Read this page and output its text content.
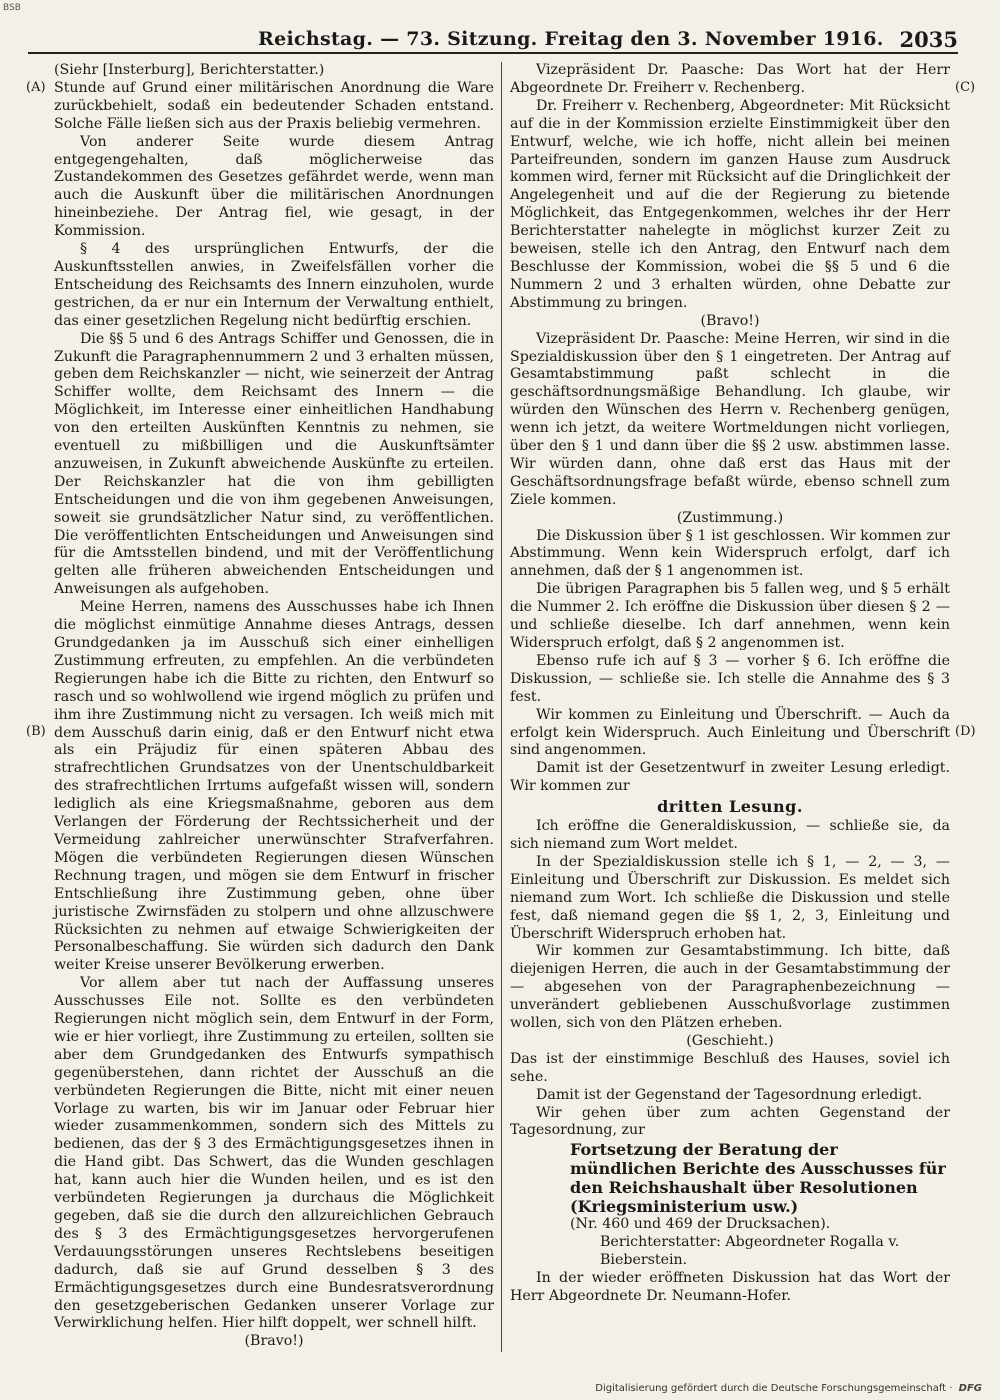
BSB
Reichstag. — 73. Sitzung. Freitag den 3. November 1916. 2035
(A)
(B)
(C)
(D)

(Siehr [Insterburg], Berichterstatter.)

Stunde auf Grund einer militärischen Anordnung die Ware zurückbehielt, sodaß ein bedeutender Schaden entstand. Solche Fälle ließen sich aus der Praxis beliebig vermehren.

Von anderer Seite wurde diesem Antrag entgegengehalten, daß möglicherweise das Zustandekommen des Gesetzes gefährdet werde, wenn man auch die Auskunft über die militärischen Anordnungen hineinbeziehe. Der Antrag fiel, wie gesagt, in der Kommission.

§ 4 des ursprünglichen Entwurfs, der die Auskunftsstellen anwies, in Zweifelsfällen vorher die Entscheidung des Reichsamts des Innern einzuholen, wurde gestrichen, da er nur ein Internum der Verwaltung enthielt, das einer gesetzlichen Regelung nicht bedürftig erschien.

Die §§ 5 und 6 des Antrags Schiffer und Genossen, die in Zukunft die Paragraphennummern 2 und 3 erhalten müssen, geben dem Reichskanzler — nicht, wie seinerzeit der Antrag Schiffer wollte, dem Reichsamt des Innern — die Möglichkeit, im Interesse einer einheitlichen Handhabung von den erteilten Auskünften Kenntnis zu nehmen, sie eventuell zu mißbilligen und die Auskunftsämter anzuweisen, in Zukunft abweichende Auskünfte zu erteilen. Der Reichskanzler hat die von ihm gebilligten Entscheidungen und die von ihm gegebenen Anweisungen, soweit sie grundsätzlicher Natur sind, zu veröffentlichen. Die veröffentlichten Entscheidungen und Anweisungen sind für die Amtsstellen bindend, und mit der Veröffentlichung gelten alle früheren abweichenden Entscheidungen und Anweisungen als aufgehoben.

Meine Herren, namens des Ausschusses habe ich Ihnen die möglichst einmütige Annahme dieses Antrags, dessen Grundgedanken ja im Ausschuß sich einer einhelligen Zustimmung erfreuten, zu empfehlen. An die verbündeten Regierungen habe ich die Bitte zu richten, den Entwurf so rasch und so wohlwollend wie irgend möglich zu prüfen und ihm ihre Zustimmung nicht zu versagen. Ich weiß mich mit dem Ausschuß darin einig, daß er den Entwurf nicht etwa als ein Präjudiz für einen späteren Abbau des strafrechtlichen Grundsatzes von der Unentschuldbarkeit des strafrechtlichen Irrtums aufgefaßt wissen will, sondern lediglich als eine Kriegsmaßnahme, geboren aus dem Verlangen der Förderung der Rechtssicherheit und der Vermeidung zahlreicher unerwünschter Strafverfahren. Mögen die verbündeten Regierungen diesen Wünschen Rechnung tragen, und mögen sie dem Entwurf in frischer Entschließung ihre Zustimmung geben, ohne über juristische Zwirnsfäden zu stolpern und ohne allzuschwere Rücksichten zu nehmen auf etwaige Schwierigkeiten der Personalbeschaffung. Sie würden sich dadurch den Dank weiter Kreise unserer Bevölkerung erwerben.

Vor allem aber tut nach der Auffassung unseres Ausschusses Eile not. Sollte es den verbündeten Regierungen nicht möglich sein, dem Entwurf in der Form, wie er hier vorliegt, ihre Zustimmung zu erteilen, sollten sie aber dem Grundgedanken des Entwurfs sympathisch gegenüberstehen, dann richtet der Ausschuß an die verbündeten Regierungen die Bitte, nicht mit einer neuen Vorlage zu warten, bis wir im Januar oder Februar hier wieder zusammenkommen, sondern sich des Mittels zu bedienen, das der § 3 des Ermächtigungsgesetzes ihnen in die Hand gibt. Das Schwert, das die Wunden geschlagen hat, kann auch hier die Wunden heilen, und es ist den verbündeten Regierungen ja durchaus die Möglichkeit gegeben, daß sie die durch den allzureichlichen Gebrauch des § 3 des Ermächtigungsgesetzes hervorgerufenen Verdauungsstörungen unseres Rechtslebens beseitigen dadurch, daß sie auf Grund desselben § 3 des Ermächtigungsgesetzes durch eine Bundesratsverordnung den gesetzgeberischen Gedanken unserer Vorlage zur Verwirklichung helfen. Hier hilft doppelt, wer schnell hilft.

(Bravo!)

Vizepräsident Dr. Paasche: Das Wort hat der Herr Abgeordnete Dr. Freiherr v. Rechenberg.

Dr. Freiherr v. Rechenberg, Abgeordneter: Mit Rücksicht auf die in der Kommission erzielte Einstimmigkeit über den Entwurf, welche, wie ich hoffe, nicht allein bei meinen Parteifreunden, sondern im ganzen Hause zum Ausdruck kommen wird, ferner mit Rücksicht auf die Dringlichkeit der Angelegenheit und auf die der Regierung zu bietende Möglichkeit, das Entgegenkommen, welches ihr der Herr Berichterstatter nahelegte in möglichst kurzer Zeit zu beweisen, stelle ich den Antrag, den Entwurf nach dem Beschlusse der Kommission, wobei die §§ 5 und 6 die Nummern 2 und 3 erhalten würden, ohne Debatte zur Abstimmung zu bringen.

(Bravo!)

Vizepräsident Dr. Paasche: Meine Herren, wir sind in die Spezialdiskussion über den § 1 eingetreten. Der Antrag auf Gesamtabstimmung paßt schlecht in die geschäftsordnungsmäßige Behandlung. Ich glaube, wir würden den Wünschen des Herrn v. Rechenberg genügen, wenn ich jetzt, da weitere Wortmeldungen nicht vorliegen, über den § 1 und dann über die §§ 2 usw. abstimmen lasse. Wir würden dann, ohne daß erst das Haus mit der Geschäftsordnungsfrage befaßt würde, ebenso schnell zum Ziele kommen.

(Zustimmung.)

Die Diskussion über § 1 ist geschlossen. Wir kommen zur Abstimmung. Wenn kein Widerspruch erfolgt, darf ich annehmen, daß der § 1 angenommen ist.

Die übrigen Paragraphen bis 5 fallen weg, und § 5 erhält die Nummer 2. Ich eröffne die Diskussion über diesen § 2 — und schließe dieselbe. Ich darf annehmen, wenn kein Widerspruch erfolgt, daß § 2 angenommen ist.

Ebenso rufe ich auf § 3 — vorher § 6. Ich eröffne die Diskussion, — schließe sie. Ich stelle die Annahme des § 3 fest.

Wir kommen zu Einleitung und Überschrift. — Auch da erfolgt kein Widerspruch. Auch Einleitung und Überschrift sind angenommen.

Damit ist der Gesetzentwurf in zweiter Lesung erledigt. Wir kommen zur

dritten Lesung.

Ich eröffne die Generaldiskussion, — schließe sie, da sich niemand zum Wort meldet.

In der Spezialdiskussion stelle ich § 1, — 2, — 3, — Einleitung und Überschrift zur Diskussion. Es meldet sich niemand zum Wort. Ich schließe die Diskussion und stelle fest, daß niemand gegen die §§ 1, 2, 3, Einleitung und Überschrift Widerspruch erhoben hat.

Wir kommen zur Gesamtabstimmung. Ich bitte, daß diejenigen Herren, die auch in der Gesamtabstimmung der — abgesehen von der Paragraphenbezeichnung — unverändert gebliebenen Ausschußvorlage zustimmen wollen, sich von den Plätzen erheben.

(Geschieht.)

Das ist der einstimmige Beschluß des Hauses, soviel ich sehe.

Damit ist der Gegenstand der Tagesordnung erledigt.

Wir gehen über zum achten Gegenstand der Tagesordnung, zur

Fortsetzung der Beratung der mündlichen Berichte des Ausschusses für den Reichshaushalt über Resolutionen (Kriegsministerium usw.)

(Nr. 460 und 469 der Drucksachen).

Berichterstatter: Abgeordneter Rogalla v. Bieberstein.

In der wieder eröffneten Diskussion hat das Wort der Herr Abgeordnete Dr. Neumann-Hofer.

Digitalisierung gefördert durch die Deutsche Forschungsgemeinschaft · DFG
